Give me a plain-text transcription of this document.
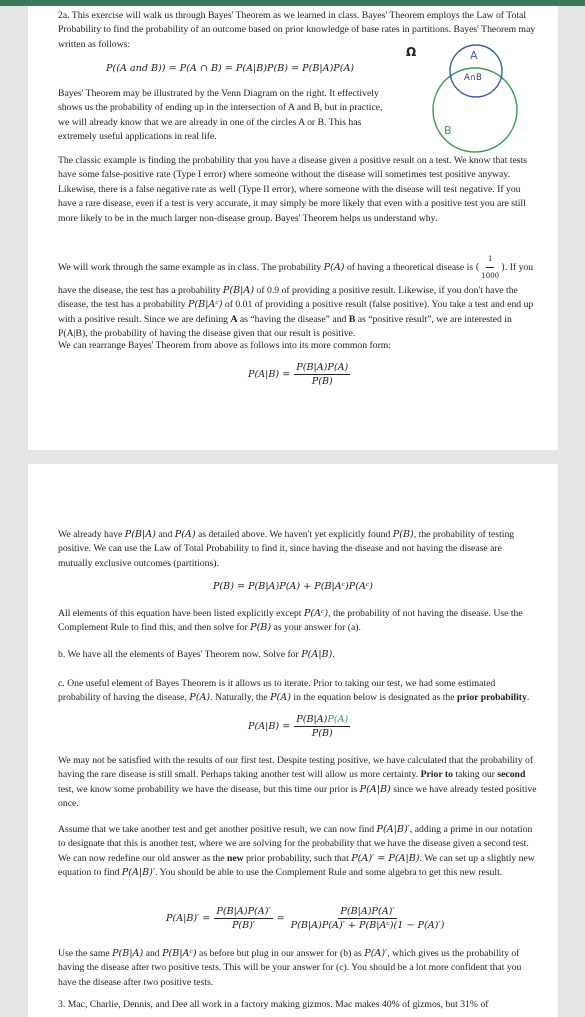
2a. This exercise will walk us through Bayes' Theorem as we learned in class. Bayes' Theorem employs the Law of Total Probability to find the probability of an outcome based on prior knowledge of base rates in partitions. Bayes' Theorem may written as follows:

P((A and B)) = P(A ∩ B) = P(A|B)P(B) = P(B|A)P(A)
Ω	A
A∩B
B

Bayes' Theorem may be illustrated by the Venn Diagram on the right. It effectively shows us the probability of ending up in the intersection of A and B, but in practice, we will already know that we are already in one of the circles A or B. This has extremely useful applications in real life.

The classic example is finding the probability that you have a disease given a positive result on a test. We know that tests have some false-positive rate (Type I error) where someone without the disease will sometimes test positive anyway. Likewise, there is a false negative rate as well (Type II error), where someone with the disease will test negative. If you have a rare disease, even if a test is very accurate, it may simply be more likely that even with a positive test you are still more likely to be in the much larger non-disease group. Bayes' Theorem helps us understand why.

We will work through the same example as in class. The probability P(A) of having a theoretical disease is ( $\frac{1}{1000}$ ). If you have the disease, the test has a probability P(B|A) of 0.9 of providing a positive result. Likewise, if you don't have the disease, the test has a probability P(B|Aᶜ) of 0.01 of providing a positive result (false positive). You take a test and end up with a positive result. Since we are defining A as “having the disease” and B as “positive result”, we are interested in P(A|B), the probability of having the disease given that our result is positive.

We can rearrange Bayes' Theorem from above as follows into its more common form:

$P(A|B) = \frac{P(B|A)P(A)}{P(B)}$
We already have P(B|A) and P(A) as detailed above. We haven't yet explicitly found P(B), the probability of testing positive. We can use the Law of Total Probability to find it, since having the disease and not having the disease are mutually exclusive outcomes (partitions).
P(B) = P(B|A)P(A) + P(B|Aᶜ)P(Aᶜ)
All elements of this equation have been listed explicitly except P(Aᶜ), the probability of not having the disease. Use the Complement Rule to find this, and then solve for P(B) as your answer for (a).
b. We have all the elements of Bayes' Theorem now. Solve for P(A|B).
c. One useful element of Bayes Theorem is it allows us to iterate. Prior to taking our test, we had some estimated probability of having the disease, P(A). Naturally, the P(A) in the equation below is designated as the prior probability.
$P(A|B) = \frac{P(B|A)P(A)}{P(B)}$
We may not be satisfied with the results of our first test. Despite testing positive, we have calculated that the probability of having the rare disease is still small. Perhaps taking another test will allow us more certainty. Prior to taking our second test, we know some probability we have the disease, but this time our prior is P(A|B) since we have already tested positive once.
Assume that we take another test and get another positive result, we can now find P(A|B)′, adding a prime in our notation to designate that this is another test, where we are solving for the probability that we have the disease given a second test. We can now redefine our old answer as the new prior probability, such that P(A)′ = P(A|B). We can set up a slightly new equation to find P(A|B)′. You should be able to use the Complement Rule and some algebra to get this new result.
$P(A|B)' = \frac{P(B|A)P(A)'}{P(B)'} = \frac{P(B|A)P(A)'}{\text{P(B|A)P(A)′ + P(B|Aᶜ)(1 − P(A)′)}}$
Use the same P(B|A) and P(B|Aᶜ) as before but plug in our answer for (b) as P(A)′, which gives us the probability of having the disease after two positive tests. This will be your answer for (c). You should be a lot more confident that you have the disease after two positive tests.

3. Mac, Charlie, Dennis, and Dee all work in a factory making gizmos. Mac makes 40% of gizmos, but 31% of
